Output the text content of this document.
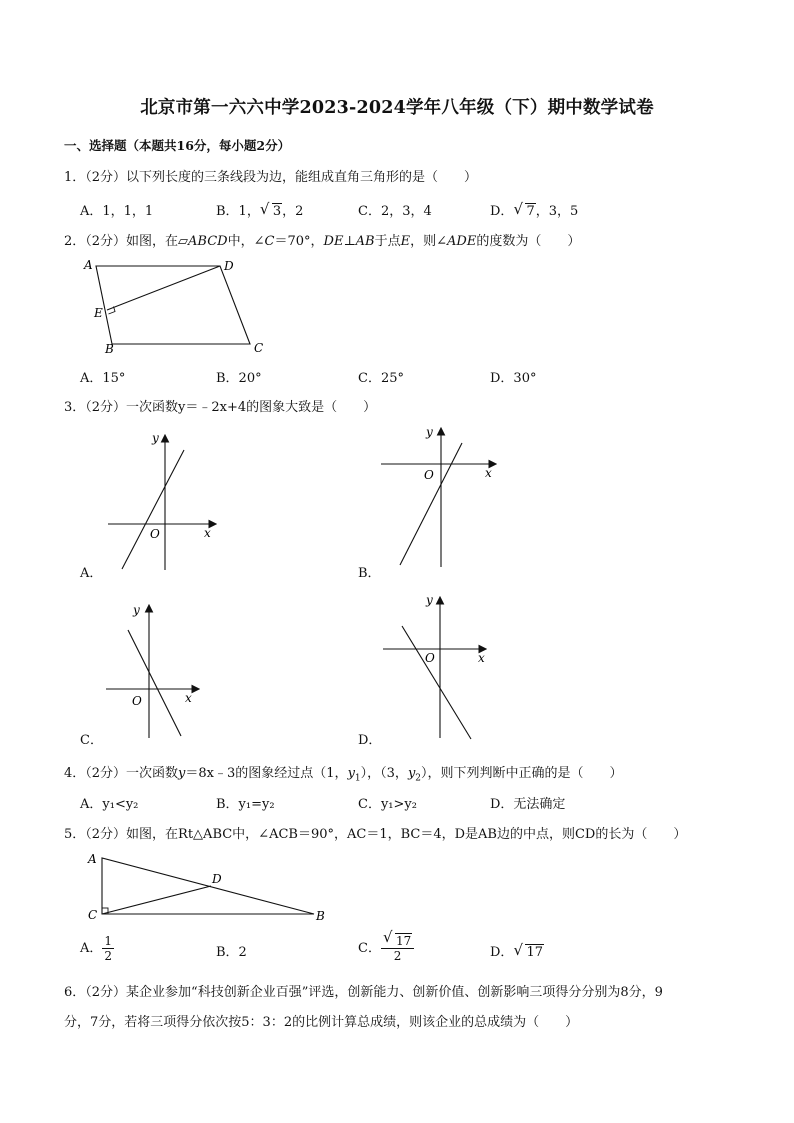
北京市第一六六中学2023-2024学年八年级（下）期中数学试卷
一、选择题（本题共16分，每小题2分）
1．（2分）以下列长度的三条线段为边，能组成直角三角形的是（　　）
A．1，1，1	B．1， √ 3，2	C．2，3，4	D． √ 7，3，5
2．（2分）如图，在▱ABCD中，∠C＝70°，DE⊥AB于点E，则∠ADE的度数为（　　）
A	D
E
B	C
A．15°	B．20°	C．25°	D．30°
3．（2分）一次函数y＝﹣2x+4的图象大致是（　　）
y
x
O
A．
y
x
O
B．
y
x
O
C．
y
x
O
D．
4．（2分）一次函数y＝8x﹣3的图象经过点（1，$y_1$），（3，$y_2$），则下列判断中正确的是（　　）
A．y₁<y₂	B．y₁=y₂	C．y₁>y₂	D．无法确定
5．（2分）如图，在Rt△ABC中，∠ACB＝90°，AC＝1，BC＝4，D是AB边的中点，则CD的长为（　　）
A
C
D
B
A． $\frac{1}{2}$	B．2	C． $\frac{√ 17}{2}$	D． √ 17
6．（2分）某企业参加“科技创新企业百强”评选，创新能力、创新价值、创新影响三项得分分别为8分，9
分，7分，若将三项得分依次按5：3：2的比例计算总成绩，则该企业的总成绩为（　　）
